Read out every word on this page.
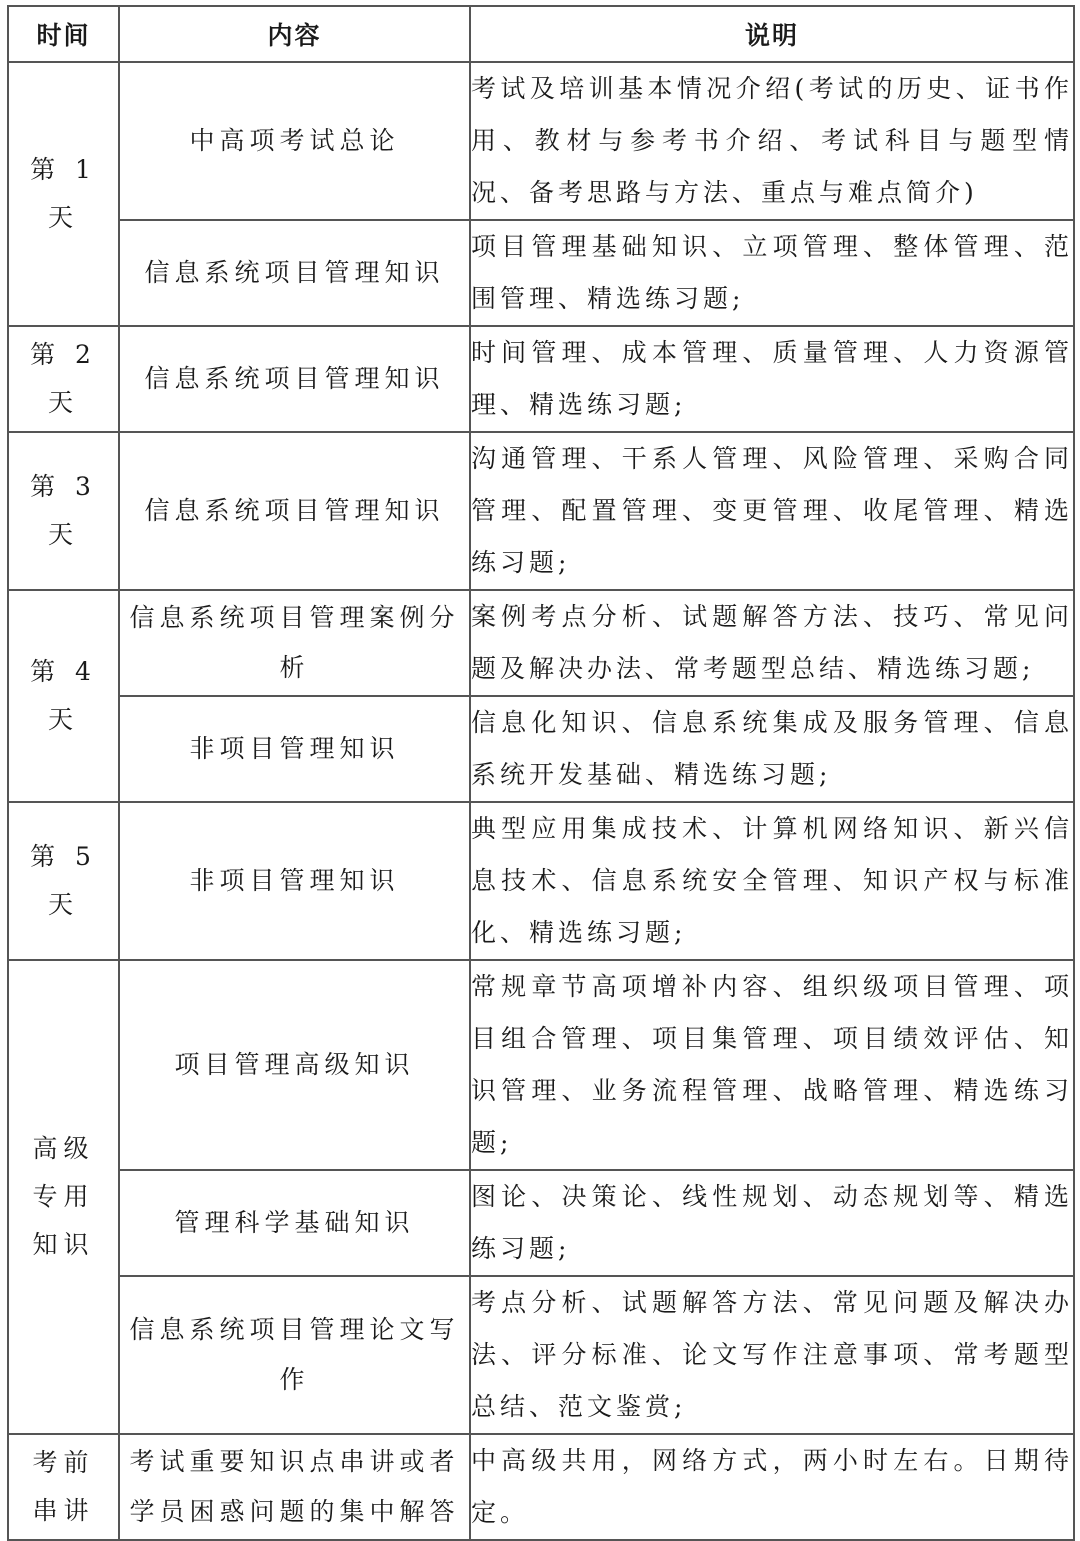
时间	内容	说明
第 1 天	中高项考试总论	考试及培训基本情况介绍(考试的历史、证书作用、教材与参考书介绍、考试科目与题型情况、备考思路与方法、重点与难点简介)
	信息系统项目管理知识	项目管理基础知识、立项管理、整体管理、范围管理、精选练习题;
第 2 天	信息系统项目管理知识	时间管理、成本管理、质量管理、人力资源管理、精选练习题;
第 3 天	信息系统项目管理知识	沟通管理、干系人管理、风险管理、采购合同管理、配置管理、变更管理、收尾管理、精选练习题;
第 4 天	信息系统项目管理案例分析	案例考点分析、试题解答方法、技巧、常见问题及解决办法、常考题型总结、精选练习题;
	非项目管理知识	信息化知识、信息系统集成及服务管理、信息系统开发基础、精选练习题;
第 5 天	非项目管理知识	典型应用集成技术、计算机网络知识、新兴信息技术、信息系统安全管理、知识产权与标准化、精选练习题;
高级专用知识	项目管理高级知识	常规章节高项增补内容、组织级项目管理、项目组合管理、项目集管理、项目绩效评估、知识管理、业务流程管理、战略管理、精选练习题;
	管理科学基础知识	图论、决策论、线性规划、动态规划等、精选练习题;
	信息系统项目管理论文写作	考点分析、试题解答方法、常见问题及解决办法、评分标准、论文写作注意事项、常考题型总结、范文鉴赏;
考前串讲	考试重要知识点串讲或者学员困惑问题的集中解答	中高级共用，网络方式，两小时左右。日期待定。
